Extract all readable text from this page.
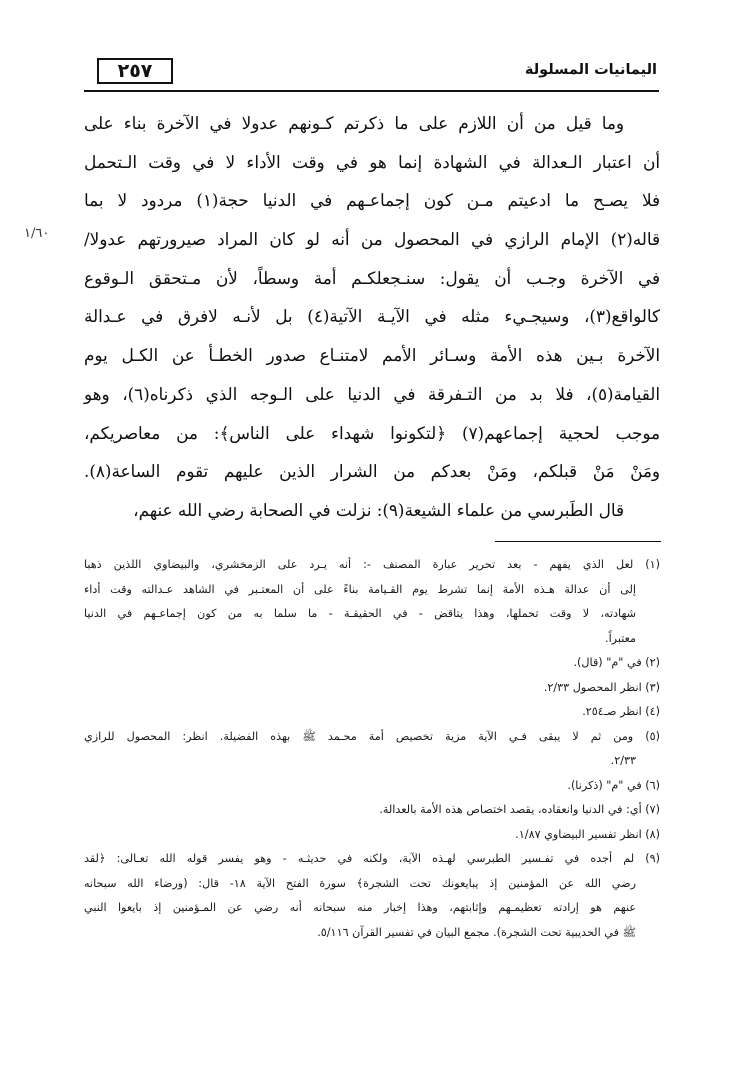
٢٥٧	اليمانيات المسلولة
١/٦٠
وما قيل من أن اللازم على ما ذكرتم كـونهم عدولا في الآخرة بناء على
أن اعتبار الـعدالة في الشهادة إنما هو في وقت الأداء لا في وقت الـتحمل
فلا يصـح ما ادعيتم مـن كون إجماعـهم في الدنيا حجة(١) مردود لا بما
قاله(٢) الإمام الرازي في المحصول من أنه لو كان المراد صيرورتهم عدولا/
في الآخرة وجـب أن يقول: سنـجعلكـم أمة وسطاً، لأن مـتحقق الـوقوع
كالواقع(٣)، وسيجـيء مثله في الآيـة الآتية(٤) بل لأنـه لافرق في عـدالة
الآخرة بـين هذه الأمة وسـائر الأمم لامتنـاع صدور الخطـأ عن الكـل يوم
القيامة(٥)، فلا بد من التـفرقة في الدنيا على الـوجه الذي ذكرناه(٦)، وهو
موجب لحجية إجماعهم(٧) ﴿لتكونوا شهداء على الناس﴾: من معاصريكم،
ومَنْ مَنْ قبلكم، ومَنْ بعدكم من الشرار الذين عليهم تقوم الساعة(٨).
قال الطَبرسي من علماء الشيعة(٩): نزلت في الصحابة رضي الله عنهم،
(١) لعل الذي يفهم - بعد تحرير عبارة المصنف -: أنه يـرد على الزمخشري، والبيضاوي اللذين ذهبا
إلى أن عدالة هـذه الأمة إنما تشرط يوم القـيامة بناءً على أن المعتـبر في الشاهد عـدالته وقت أداء
شهادته، لا وقت تحملها، وهذا يتاقض - في الحقيقـة - ما سلما به من كون إجماعـهم في الدنيا
معتبراً.
(٢) في "م" (قال).
(٣) انظر المحصول ٢/٣٣.
(٤) انظر صـ٢٥٤.
(٥) ومن ثم لا يبقى فـي الآية مزية تخصيص أمة محـمد ﷺ بهذه الفضيلة. انظر: المحصول للرازي
٢/٣٣.
(٦) في "م" (ذكرنا).
(٧) أي: في الدنيا وانعقاده، يقصد اختصاص هذه الأمة بالعدالة.
(٨) انظر تفسير البيضاوي ١/٨٧.
(٩) لم أجده في تفـسير الطبرسي لهـذه الآية، ولكنه في حديثـه - وهو يفسر قوله الله تعـالى: ﴿لقد
رضي الله عن المؤمنين إذ يبايعونك تحت الشجرة﴾ سورة الفتح الآية ١٨- قال: (ورضاء الله سبحانه
عنهم هو إرادته تعظيمـهم وإثابتهم، وهذا إخبار منه سبحانه أنه رضي عن المـؤمنين إذ بايعوا النبي
ﷺ في الحديبية تحت الشجرة). مجمع البيان في تفسير القرآن ٥/١١٦.
